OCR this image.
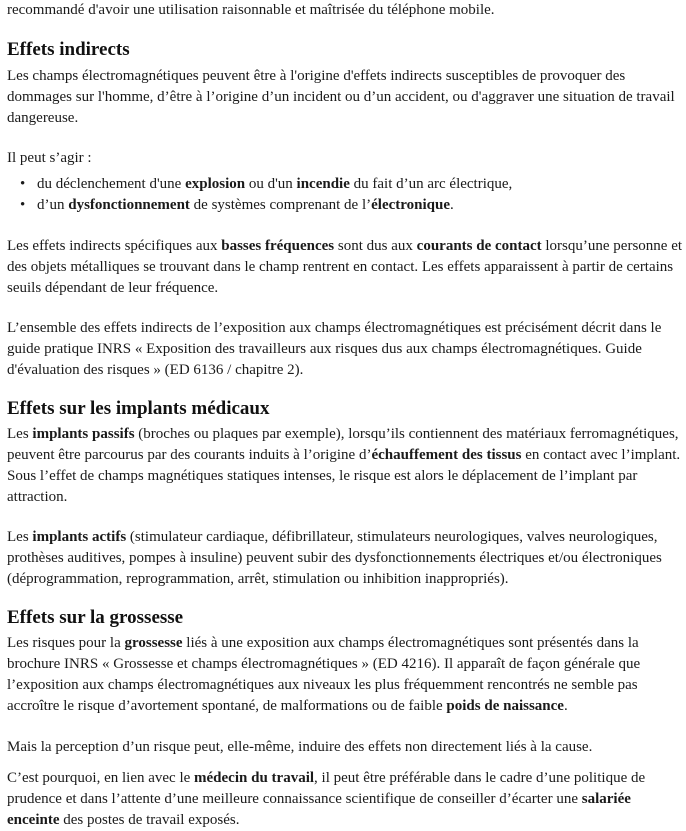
recommandé d'avoir une utilisation raisonnable et maîtrisée du téléphone mobile.

Effets indirects

Les champs électromagnétiques peuvent être à l'origine d'effets indirects susceptibles de provoquer des dommages sur l'homme, d’être à l’origine d’un incident ou d’un accident, ou d'aggraver une situation de travail dangereuse.

Il peut s’agir :

• du déclenchement d'une explosion ou d'un incendie du fait d’un arc électrique,
• d’un dysfonctionnement de systèmes comprenant de l’électronique.

Les effets indirects spécifiques aux basses fréquences sont dus aux courants de contact lorsqu’une personne et des objets métalliques se trouvant dans le champ rentrent en contact. Les effets apparaissent à partir de certains seuils dépendant de leur fréquence.

L’ensemble des effets indirects de l’exposition aux champs électromagnétiques est précisément décrit dans le guide pratique INRS « Exposition des travailleurs aux risques dus aux champs électromagnétiques. Guide d'évaluation des risques » (ED 6136 / chapitre 2).

Effets sur les implants médicaux

Les implants passifs (broches ou plaques par exemple), lorsqu’ils contiennent des matériaux ferromagnétiques, peuvent être parcourus par des courants induits à l’origine d’échauffement des tissus en contact avec l’implant. Sous l’effet de champs magnétiques statiques intenses, le risque est alors le déplacement de l’implant par attraction.

Les implants actifs (stimulateur cardiaque, défibrillateur, stimulateurs neurologiques, valves neurologiques, prothèses auditives, pompes à insuline) peuvent subir des dysfonctionnements électriques et/ou électroniques (déprogrammation, reprogrammation, arrêt, stimulation ou inhibition inappropriés).

Effets sur la grossesse

Les risques pour la grossesse liés à une exposition aux champs électromagnétiques sont présentés dans la brochure INRS « Grossesse et champs électromagnétiques » (ED 4216). Il apparaît de façon générale que l’exposition aux champs électromagnétiques aux niveaux les plus fréquemment rencontrés ne semble pas accroître le risque d’avortement spontané, de malformations ou de faible poids de naissance.

Mais la perception d’un risque peut, elle-même, induire des effets non directement liés à la cause.

C’est pourquoi, en lien avec le médecin du travail, il peut être préférable dans le cadre d’une politique de prudence et dans l’attente d’une meilleure connaissance scientifique de conseiller d’écarter une salariée enceinte des postes de travail exposés.
